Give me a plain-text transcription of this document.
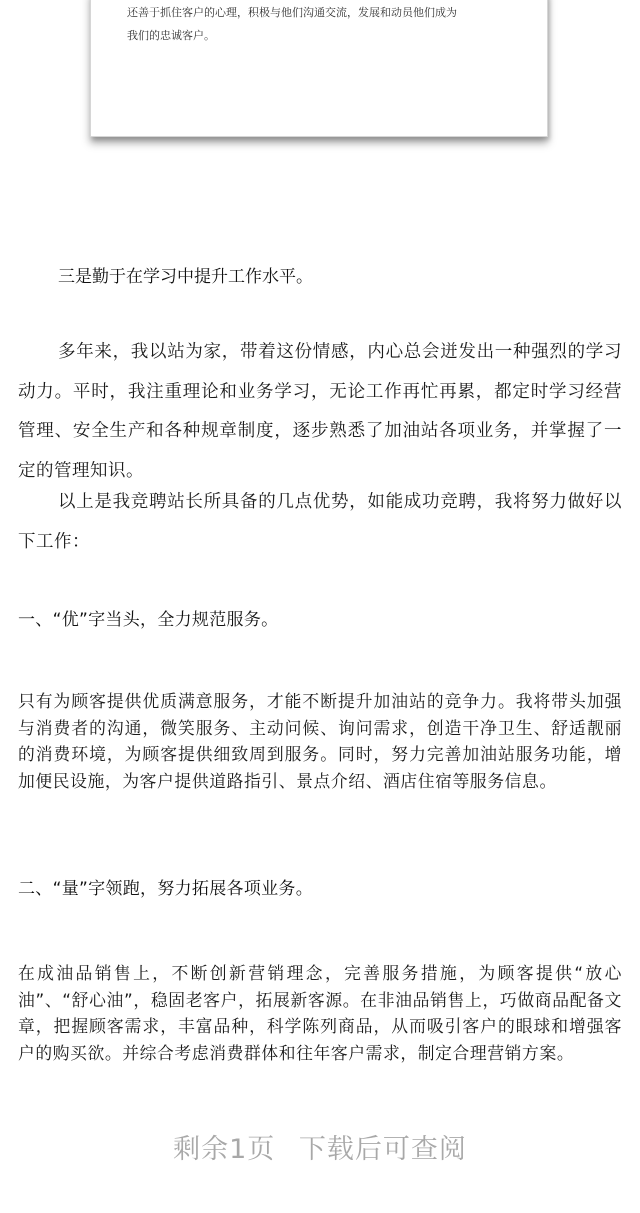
还善于抓住客户的心理，积极与他们沟通交流，发展和动员他们成为
我们的忠诚客户。

三是勤于在学习中提升工作水平。

多年来，我以站为家，带着这份情感，内心总会迸发出一种强烈的学习动力。平时，我注重理论和业务学习，无论工作再忙再累，都定时学习经营管理、安全生产和各种规章制度，逐步熟悉了加油站各项业务，并掌握了一定的管理知识。

以上是我竞聘站长所具备的几点优势，如能成功竞聘，我将努力做好以下工作：

一、“优”字当头，全力规范服务。

只有为顾客提供优质满意服务，才能不断提升加油站的竞争力。我将带头加强与消费者的沟通，微笑服务、主动问候、询问需求，创造干净卫生、舒适靓丽的消费环境，为顾客提供细致周到服务。同时，努力完善加油站服务功能，增加便民设施，为客户提供道路指引、景点介绍、酒店住宿等服务信息。

二、“量”字领跑，努力拓展各项业务。

在成油品销售上，不断创新营销理念，完善服务措施，为顾客提供“放心油”、“舒心油”，稳固老客户，拓展新客源。在非油品销售上，巧做商品配备文章，把握顾客需求，丰富品种，科学陈列商品，从而吸引客户的眼球和增强客户的购买欲。并综合考虑消费群体和往年客户需求，制定合理营销方案。

剩余1页 下载后可查阅
